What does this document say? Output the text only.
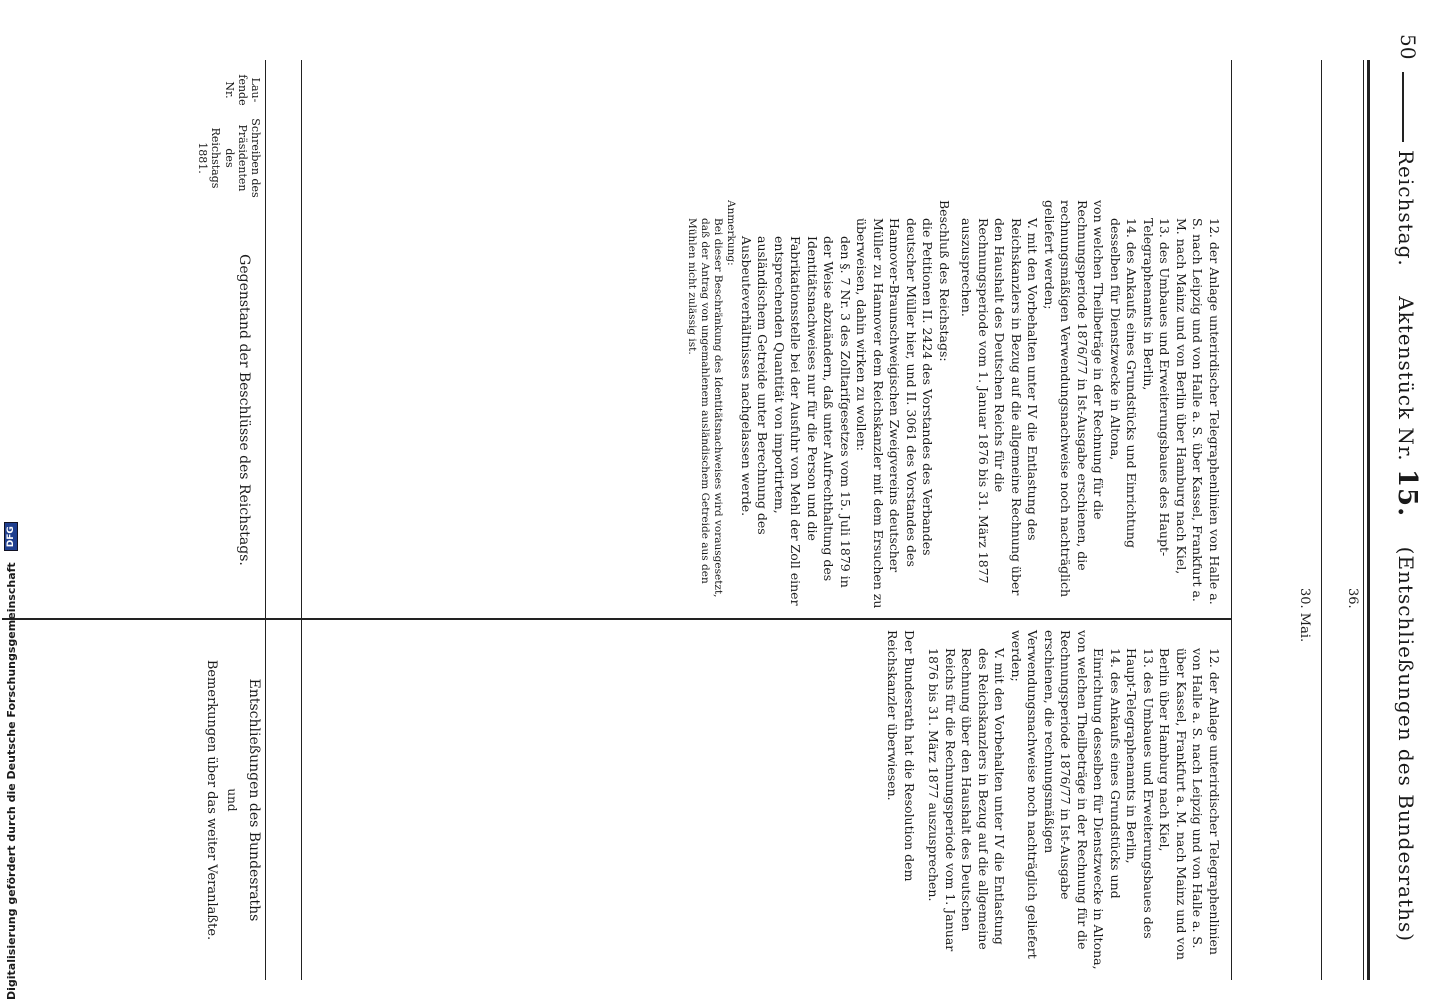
50
Reichstag.    Aktenstück Nr. 15.    (Entschließungen des Bundesraths)
Lau-fende Nr.
Schreiben des Präsidenten des Reichstags 1881.
Gegenstand der Beschlüsse des Reichstags.
Entschließungen des Bundesraths
und
Bemerkungen über das weiter Veranlaßte.
36.
30. Mai.

12. der Anlage unterirdischer Telegraphenlinien von Halle a. S. nach Leipzig und von Halle a. S. über Kassel, Frankfurt a. M. nach Mainz und von Berlin über Hamburg nach Kiel,

13. des Umbaues und Erweiterungsbaues des Haupt-Telegraphenamts in Berlin,

14. des Ankaufs eines Grundstücks und Einrichtung desselben für Dienstzwecke in Altona,

von welchen Theilbeträge in der Rechnung für die Rechnungsperiode 1876/77 in Ist-Ausgabe erschienen, die rechnungsmäßigen Verwendungsnachweise noch nachträglich geliefert werden;

V. mit den Vorbehalten unter IV die Entlastung des Reichskanzlers in Bezug auf die allgemeine Rechnung über den Haushalt des Deutschen Reichs für die Rechnungsperiode vom 1. Januar 1876 bis 31. März 1877 auszusprechen.

Beschluß des Reichstags:

die Petitionen II. 2424 des Vorstandes des Verbandes deutscher Müller hier, und II. 3061 des Vorstandes des Hannover-Braunschweigischen Zweigvereins deutscher Müller zu Hannover dem Reichskanzler mit dem Ersuchen zu überweisen, dahin wirken zu wollen:

den §. 7 Nr. 3 des Zolltarifgesetzes vom 15. Juli 1879 in der Weise abzuändern, daß unter Aufrechthaltung des Identitätsnachweises nur für die Person und die Fabrikationsstelle bei der Ausfuhr von Mehl der Zoll einer entsprechenden Quantität von importirtem, ausländischem Getreide unter Berechnung des Ausbeuteverhältnisses nachgelassen werde.

Anmerkung:

Bei dieser Beschränkung des Identitätsnachweises wird vorausgesetzt, daß der Antrag von ungemahlenem ausländischem Getreide aus den Mühlen nicht zulässig ist.

12. der Anlage unterirdischer Telegraphenlinien von Halle a. S. nach Leipzig und von Halle a. S. über Kassel, Frankfurt a. M. nach Mainz und von Berlin über Hamburg nach Kiel,

13. des Umbaues und Erweiterungsbaues des Haupt-Telegraphenamts in Berlin,

14. des Ankaufs eines Grundstücks und Einrichtung desselben für Dienstzwecke in Altona,

von welchen Theilbeträge in der Rechnung für die Rechnungsperiode 1876/77 in Ist-Ausgabe erschienen, die rechnungsmäßigen Verwendungsnachweise noch nachträglich geliefert werden;

V. mit den Vorbehalten unter IV die Entlastung des Reichskanzlers in Bezug auf die allgemeine Rechnung über den Haushalt des Deutschen Reichs für die Rechnungsperiode vom 1. Januar 1876 bis 31. März 1877 auszusprechen.

Der Bundesrath hat die Resolution dem Reichskanzler überwiesen.

Digitalisierung gefördert durch die Deutsche Forschungsgemeinschaft DFG
